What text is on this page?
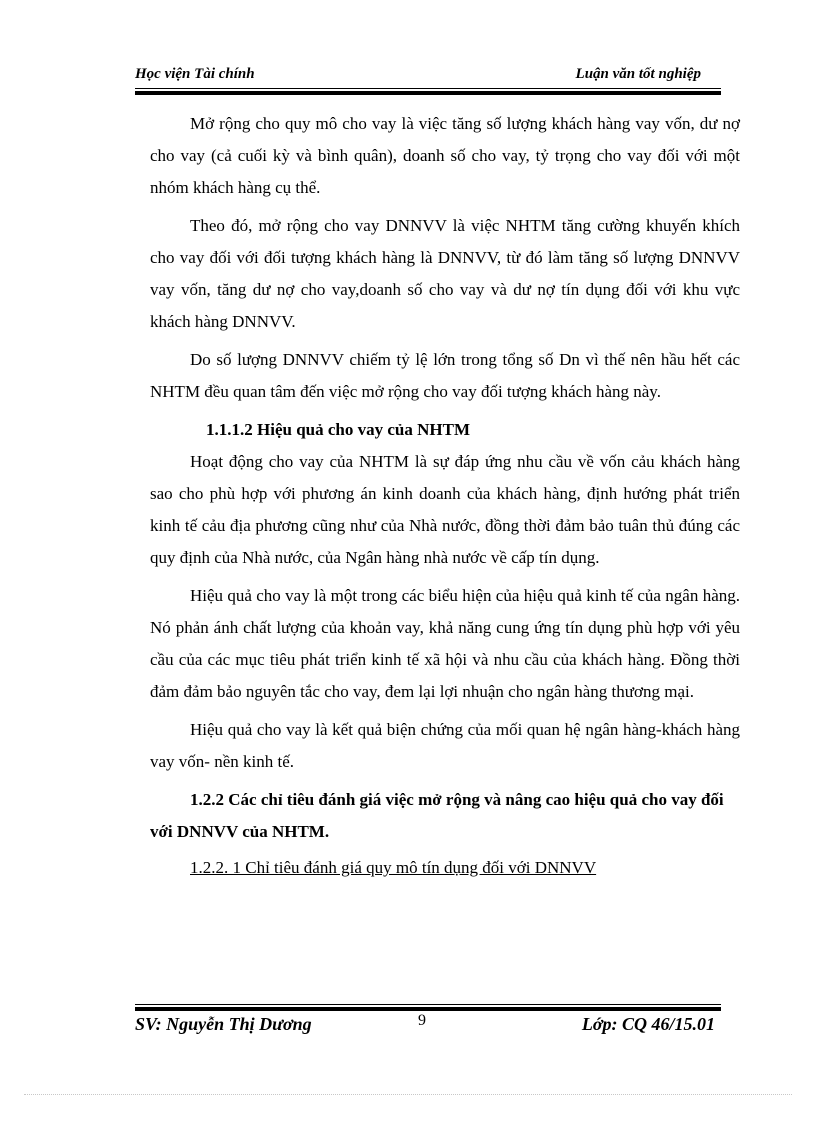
Học viện Tài chính	Luận văn tốt nghiệp

Mở rộng cho quy mô cho vay là việc tăng số lượng khách hàng vay vốn, dư nợ cho vay (cả cuối kỳ và bình quân), doanh số cho vay, tỷ trọng cho vay đối với một nhóm khách hàng cụ thể.

Theo đó, mở rộng cho vay DNNVV là việc NHTM tăng cường khuyến khích cho vay đối với đối tượng khách hàng là DNNVV, từ đó làm tăng số lượng DNNVV vay vốn, tăng dư nợ cho vay,doanh số cho vay và dư nợ tín dụng đối với khu vực khách hàng DNNVV.

Do số lượng DNNVV chiếm tỷ lệ lớn trong tổng số Dn vì thế nên hầu hết các NHTM đều quan tâm đến việc mở rộng cho vay đối tượng khách hàng này.

1.1.1.2 Hiệu quả cho vay của NHTM

Hoạt động cho vay của NHTM là sự đáp ứng nhu cầu về vốn cảu khách hàng sao cho phù hợp với phương án kinh doanh của khách hàng, định hướng phát triển kinh tế cảu địa phương cũng như của Nhà nước, đồng thời đảm bảo tuân thủ đúng các quy định của Nhà nước, của Ngân hàng nhà nước về cấp tín dụng.

Hiệu quả cho vay là một trong các biểu hiện của hiệu quả kinh tế của ngân hàng. Nó phản ánh chất lượng của khoản vay, khả năng cung ứng tín dụng phù hợp với yêu cầu của các mục tiêu phát triển kinh tế xã hội và nhu cầu của khách hàng. Đồng thời đảm đảm bảo nguyên tắc cho vay, đem lại lợi nhuận cho ngân hàng thương mại.

Hiệu quả cho vay là kết quả biện chứng của mối quan hệ ngân hàng-khách hàng vay vốn- nền kinh tế.

1.2.2 Các chỉ tiêu đánh giá việc mở rộng và nâng cao hiệu quả cho vay đối với DNNVV của NHTM.

1.2.2. 1 Chỉ tiêu đánh giá quy mô tín dụng đối với DNNVV

SV: Nguyễn Thị Dương	9	Lớp: CQ 46/15.01
